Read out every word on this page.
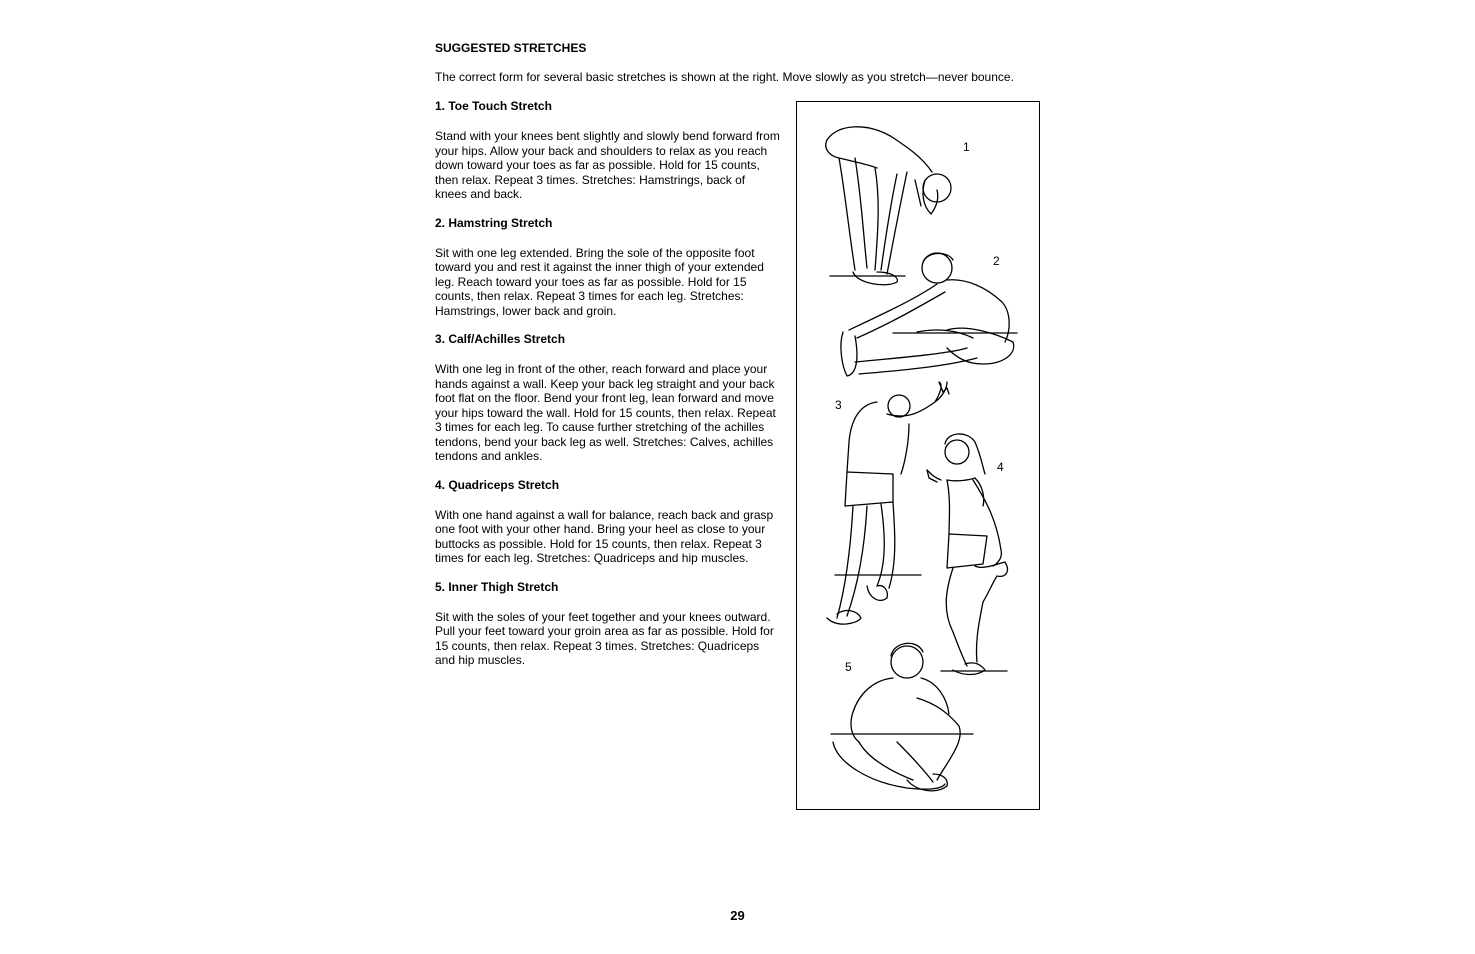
SUGGESTED STRETCHES

The correct form for several basic stretches is shown at the right. Move slowly as you stretch—never bounce.

1. Toe Touch Stretch

Stand with your knees bent slightly and slowly bend forward from your hips. Allow your back and shoulders to relax as you reach down toward your toes as far as possible. Hold for 15 counts, then relax. Repeat 3 times. Stretches: Hamstrings, back of knees and back.

2. Hamstring Stretch

Sit with one leg extended. Bring the sole of the opposite foot toward you and rest it against the inner thigh of your extended leg. Reach toward your toes as far as possible. Hold for 15 counts, then relax. Repeat 3 times for each leg. Stretches: Hamstrings, lower back and groin.

3. Calf/Achilles Stretch

With one leg in front of the other, reach forward and place your hands against a wall. Keep your back leg straight and your back foot flat on the floor. Bend your front leg, lean forward and move your hips toward the wall. Hold for 15 counts, then relax. Repeat 3 times for each leg. To cause further stretching of the achilles tendons, bend your back leg as well. Stretches: Calves, achilles tendons and ankles.

4. Quadriceps Stretch

With one hand against a wall for balance, reach back and grasp one foot with your other hand. Bring your heel as close to your buttocks as possible. Hold for 15 counts, then relax. Repeat 3 times for each leg. Stretches: Quadriceps and hip muscles.

5. Inner Thigh Stretch

Sit with the soles of your feet together and your knees outward. Pull your feet toward your groin area as far as possible. Hold for 15 counts, then relax. Repeat 3 times. Stretches: Quadriceps and hip muscles.

1
2
3
4
5
29
